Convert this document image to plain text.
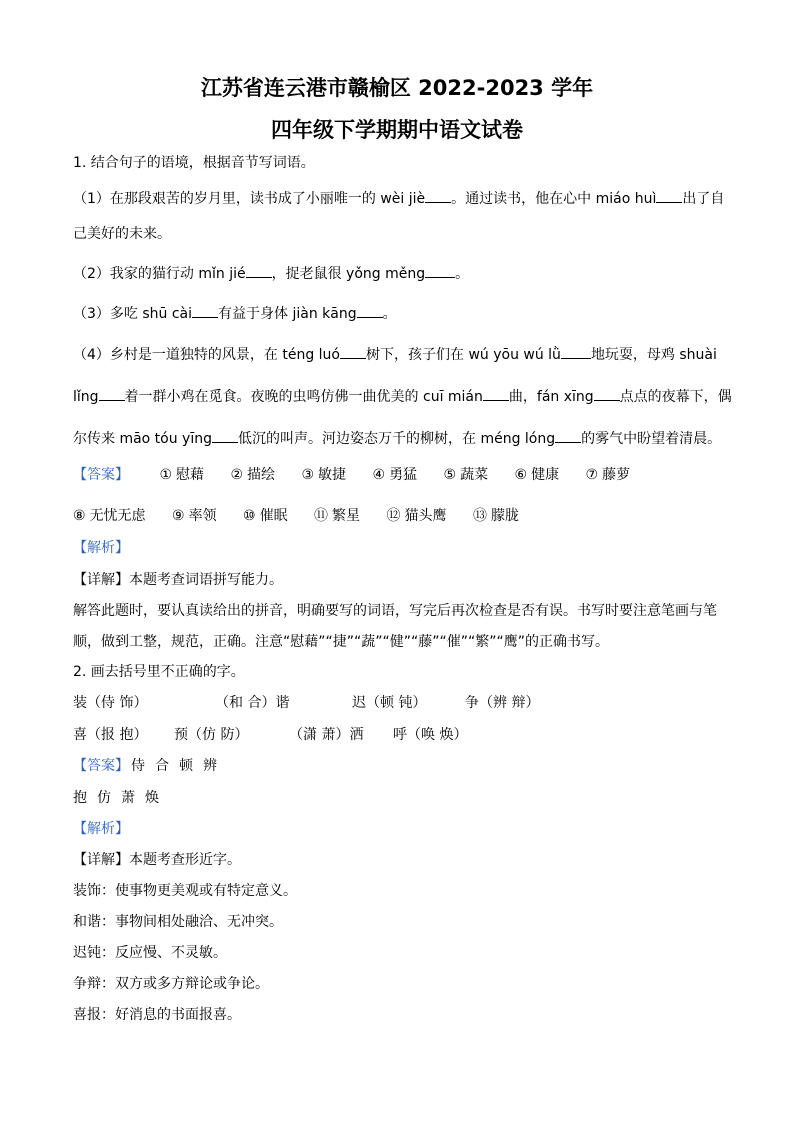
江苏省连云港市赣榆区 2022-2023 学年
四年级下学期期中语文试卷
1. 结合句子的语境，根据音节写词语。
（1）在那段艰苦的岁月里，读书成了小丽唯一的 wèi jiè 。通过读书，他在心中 miáo huì 出了自
己美好的未来。
（2）我家的猫行动 mǐn jié ，捉老鼠很 yǒng měng 。
（3）多吃 shū cài 有益于身体 jiàn kāng 。
（4）乡村是一道独特的风景，在 téng luó 树下，孩子们在 wú yōu wú lǜ 地玩耍，母鸡 shuài
lǐng 着一群小鸡在觅食。夜晚的虫鸣仿佛一曲优美的 cuī mián 曲，fán xīng 点点的夜幕下，偶
尔传来 māo tóu yīng 低沉的叫声。河边姿态万千的柳树，在 méng lóng 的雾气中盼望着清晨。
【答案】 ① 慰藉 ② 描绘 ③ 敏捷 ④ 勇猛 ⑤ 蔬菜 ⑥ 健康 ⑦ 藤萝
⑧ 无忧无虑 ⑨ 率领 ⑩ 催眠 ⑪ 繁星 ⑫ 猫头鹰 ⑬ 朦胧
【解析】
【详解】本题考查词语拼写能力。
解答此题时，要认真读给出的拼音，明确要写的词语，写完后再次检查是否有误。书写时要注意笔画与笔
顺，做到工整，规范，正确。注意“慰藉”“捷”“蔬”“健”“藤”“催”“繁”“鹰”的正确书写。
2. 画去括号里不正确的字。
装（侍 饰）	（和 合）谐	迟（顿 钝）	争（辨 辩）
喜（报 抱） 预（仿 防）	（潇 萧）洒 呼（唤 焕）
【答案】 侍 合 顿 辨
抱 仿 萧 焕
【解析】
【详解】本题考查形近字。
装饰：使事物更美观或有特定意义。
和谐：事物间相处融洽、无冲突。
迟钝：反应慢、不灵敏。
争辩：双方或多方辩论或争论。
喜报：好消息的书面报喜。
